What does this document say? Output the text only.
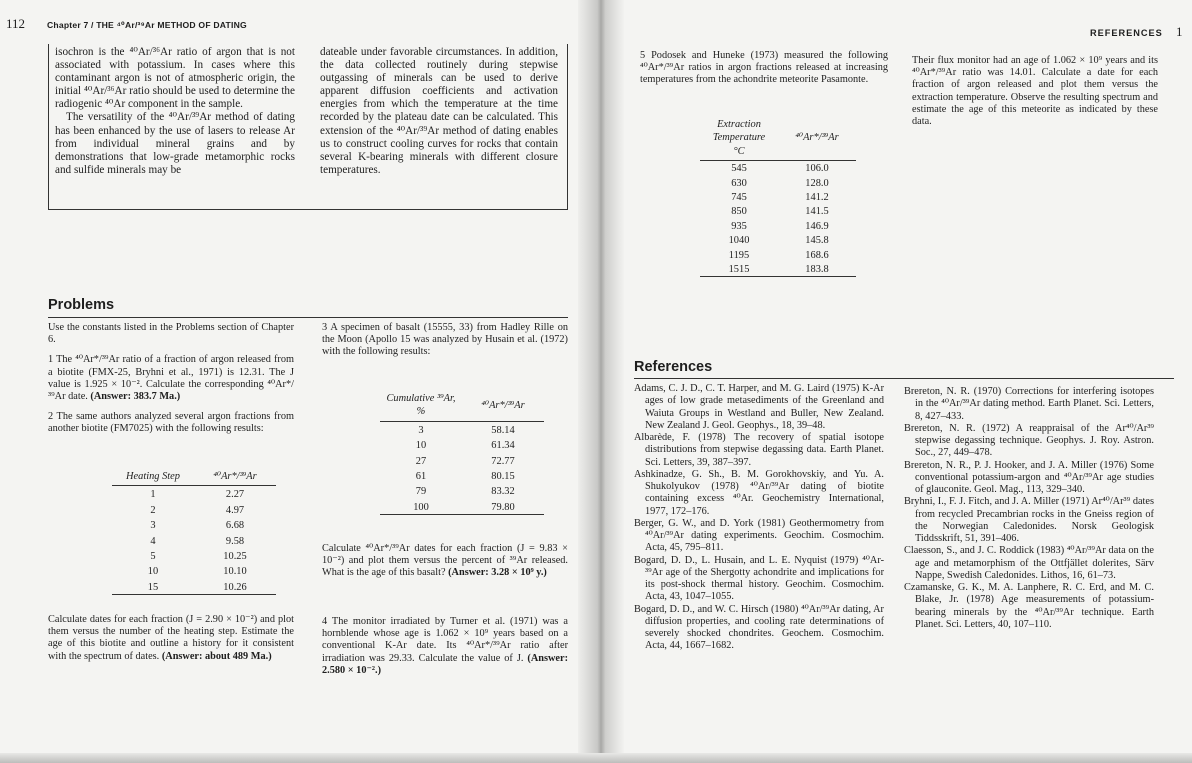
112	Chapter 7 / THE ⁴⁰Ar/³⁹Ar METHOD OF DATING

isochron is the ⁴⁰Ar/³⁶Ar ratio of argon that is not associated with potassium. In cases where this contaminant argon is not of atmospheric origin, the initial ⁴⁰Ar/³⁶Ar ratio should be used to determine the radiogenic ⁴⁰Ar component in the sample.

The versatility of the ⁴⁰Ar/³⁹Ar method of dating has been enhanced by the use of lasers to release Ar from individual mineral grains and by demonstrations that low-grade metamorphic rocks and sulfide minerals may be

dateable under favorable circumstances. In addition, the data collected routinely during stepwise outgassing of minerals can be used to derive apparent diffusion coefficients and activation energies from which the temperature at the time recorded by the plateau date can be calculated. This extension of the ⁴⁰Ar/³⁹Ar method of dating enables us to construct cooling curves for rocks that contain several K-bearing minerals with different closure temperatures.

Problems

Use the constants listed in the Problems section of Chapter 6.

1 The ⁴⁰Ar*/³⁹Ar ratio of a fraction of argon released from a biotite (FMX-25, Bryhni et al., 1971) is 12.31. The J value is 1.925 × 10⁻². Calculate the corresponding ⁴⁰Ar*/³⁹Ar date. (Answer: 383.7 Ma.)

2 The same authors analyzed several argon fractions from another biotite (FM7025) with the following results:

Heating Step	⁴⁰Ar*/³⁹Ar
1	2.27
2	4.97
3	6.68
4	9.58
5	10.25
10	10.10
15	10.26

Calculate dates for each fraction (J = 2.90 × 10⁻²) and plot them versus the number of the heating step. Estimate the age of this biotite and outline a history for it consistent with the spectrum of dates. (Answer: about 489 Ma.)

3 A specimen of basalt (15555, 33) from Hadley Rille on the Moon (Apollo 15 was analyzed by Husain et al. (1972) with the following results:

Cumulative ³⁹Ar, %	⁴⁰Ar*/³⁹Ar
3	58.14
10	61.34
27	72.77
61	80.15
79	83.32
100	79.80

Calculate ⁴⁰Ar*/³⁹Ar dates for each fraction (J = 9.83 × 10⁻²) and plot them versus the percent of ³⁹Ar released. What is the age of this basalt? (Answer: 3.28 × 10⁹ y.)

4 The monitor irradiated by Turner et al. (1971) was a hornblende whose age is 1.062 × 10⁹ years based on a conventional K-Ar date. Its ⁴⁰Ar*/³⁹Ar ratio after irradiation was 29.33. Calculate the value of J. (Answer: 2.580 × 10⁻².)

REFERENCES 1

5 Podosek and Huneke (1973) measured the following ⁴⁰Ar*/³⁹Ar ratios in argon fractions released at increasing temperatures from the achondrite meteorite Pasamonte.

Extraction Temperature °C	⁴⁰Ar*/³⁹Ar
545	106.0
630	128.0
745	141.2
850	141.5
935	146.9
1040	145.8
1195	168.6
1515	183.8

Their flux monitor had an age of 1.062 × 10⁹ years and its ⁴⁰Ar*/³⁹Ar ratio was 14.01. Calculate a date for each fraction of argon released and plot them versus the extraction temperature. Observe the resulting spectrum and estimate the age of this meteorite as indicated by these data.

References

Adams, C. J. D., C. T. Harper, and M. G. Laird (1975) K-Ar ages of low grade metasediments of the Greenland and Waiuta Groups in Westland and Buller, New Zealand. New Zealand J. Geol. Geophys., 18, 39–48.

Albarède, F. (1978) The recovery of spatial isotope distributions from stepwise degassing data. Earth Planet. Sci. Letters, 39, 387–397.

Ashkinadze, G. Sh., B. M. Gorokhovskiy, and Yu. A. Shukolyukov (1978) ⁴⁰Ar/³⁹Ar dating of biotite containing excess ⁴⁰Ar. Geochemistry International, 1977, 172–176.

Berger, G. W., and D. York (1981) Geothermometry from ⁴⁰Ar/³⁹Ar dating experiments. Geochim. Cosmochim. Acta, 45, 795–811.

Bogard, D. D., L. Husain, and L. E. Nyquist (1979) ⁴⁰Ar-³⁹Ar age of the Shergotty achondrite and implications for its post-shock thermal history. Geochim. Cosmochim. Acta, 43, 1047–1055.

Bogard, D. D., and W. C. Hirsch (1980) ⁴⁰Ar/³⁹Ar dating, Ar diffusion properties, and cooling rate determinations of severely shocked chondrites. Geochem. Cosmochim. Acta, 44, 1667–1682.

Brereton, N. R. (1970) Corrections for interfering isotopes in the ⁴⁰Ar/³⁹Ar dating method. Earth Planet. Sci. Letters, 8, 427–433.

Brereton, N. R. (1972) A reappraisal of the Ar⁴⁰/Ar³⁹ stepwise degassing technique. Geophys. J. Roy. Astron. Soc., 27, 449–478.

Brereton, N. R., P. J. Hooker, and J. A. Miller (1976) Some conventional potassium-argon and ⁴⁰Ar/³⁹Ar age studies of glauconite. Geol. Mag., 113, 329–340.

Bryhni, I., F. J. Fitch, and J. A. Miller (1971) Ar⁴⁰/Ar³⁹ dates from recycled Precambrian rocks in the Gneiss region of the Norwegian Caledonides. Norsk Geologisk Tiddsskrift, 51, 391–406.

Claesson, S., and J. C. Roddick (1983) ⁴⁰Ar/³⁹Ar data on the age and metamorphism of the Ottfjället dolerites, Särv Nappe, Swedish Caledonides. Lithos, 16, 61–73.

Czamanske, G. K., M. A. Lanphere, R. C. Erd, and M. C. Blake, Jr. (1978) Age measurements of potassium-bearing minerals by the ⁴⁰Ar/³⁹Ar technique. Earth Planet. Sci. Letters, 40, 107–110.
